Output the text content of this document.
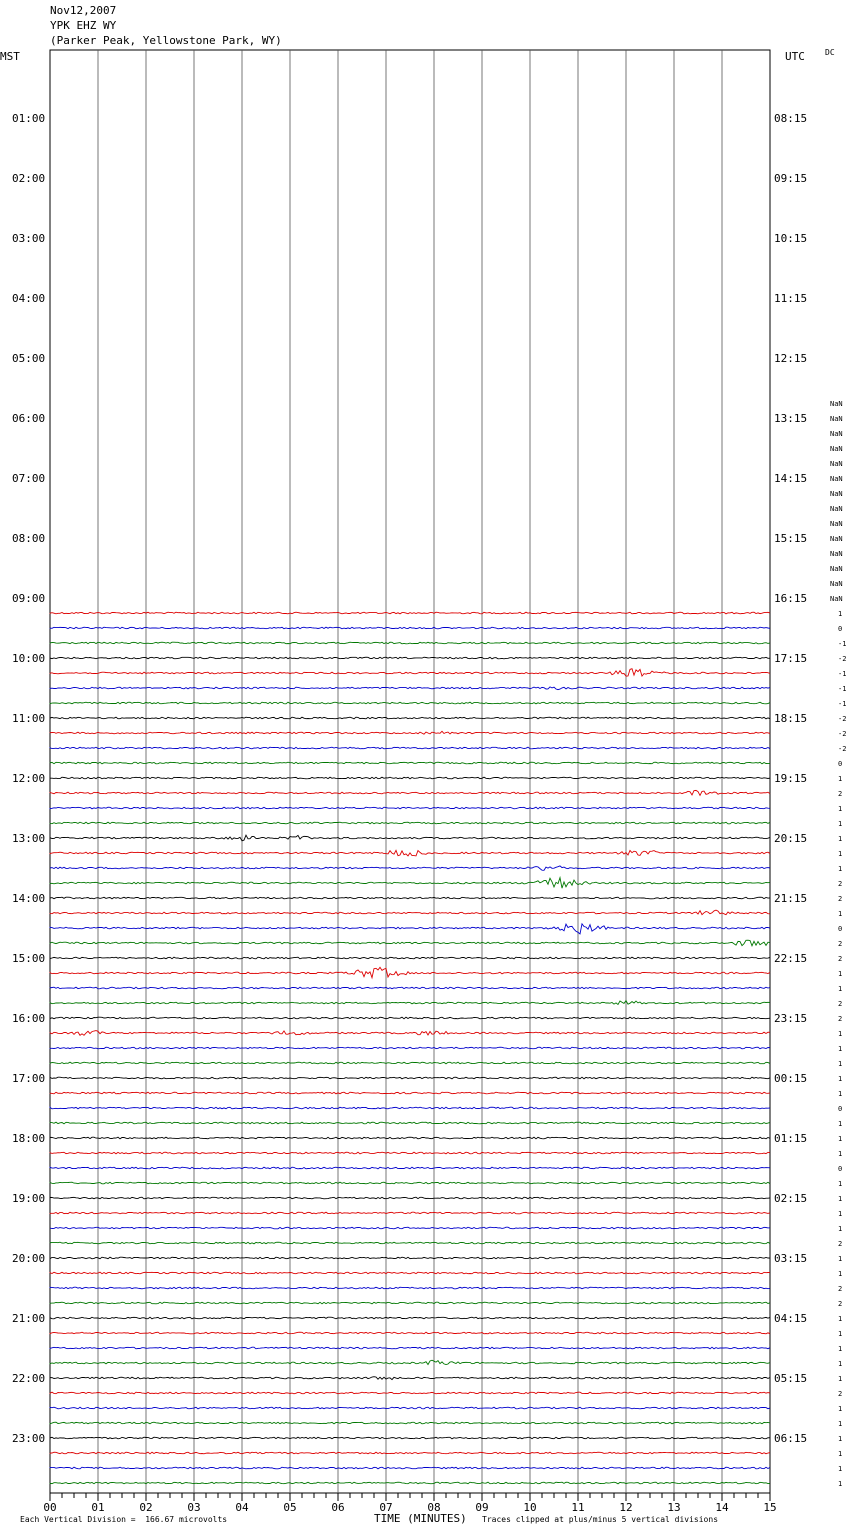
Nov12,2007
YPK EHZ WY
(Parker Peak, Yellowstone Park, WY)
MST	UTC	DC
01:00
02:00
03:00
04:00
05:00
06:00
07:00
08:00
09:00
10:00
11:00
12:00
13:00
14:00
15:00
16:00
17:00
18:00
19:00
20:00
21:00
22:00
23:00
08:15
09:15
10:15
11:15
12:15
13:15
14:15
15:15
16:15
17:15
18:15
19:15
20:15
21:15
22:15
23:15
00:15
01:15
02:15
03:15
04:15
05:15
06:15
NaN
NaN
NaN
NaN
NaN
NaN
NaN
NaN
NaN
NaN
NaN
NaN
NaN
NaN
1
0
-1
-2
-1
-1
-1
-2
-2
-2
0
1
2
1
1
1
1
1
2
2
1
0
2
2
1
1
2
2
1
1
1
1
1
0
1
1
1
0
1
1
1
1
2
1
1
2
2
1
1
1
1
1
2
1
1
1
1
1
1
00	01	02	03	04	05	06	07	08	09	10	11	12	13	14	15
Each Vertical Division =  166.67 microvolts	TIME (MINUTES) Traces clipped at plus/minus 5 vertical divisions
